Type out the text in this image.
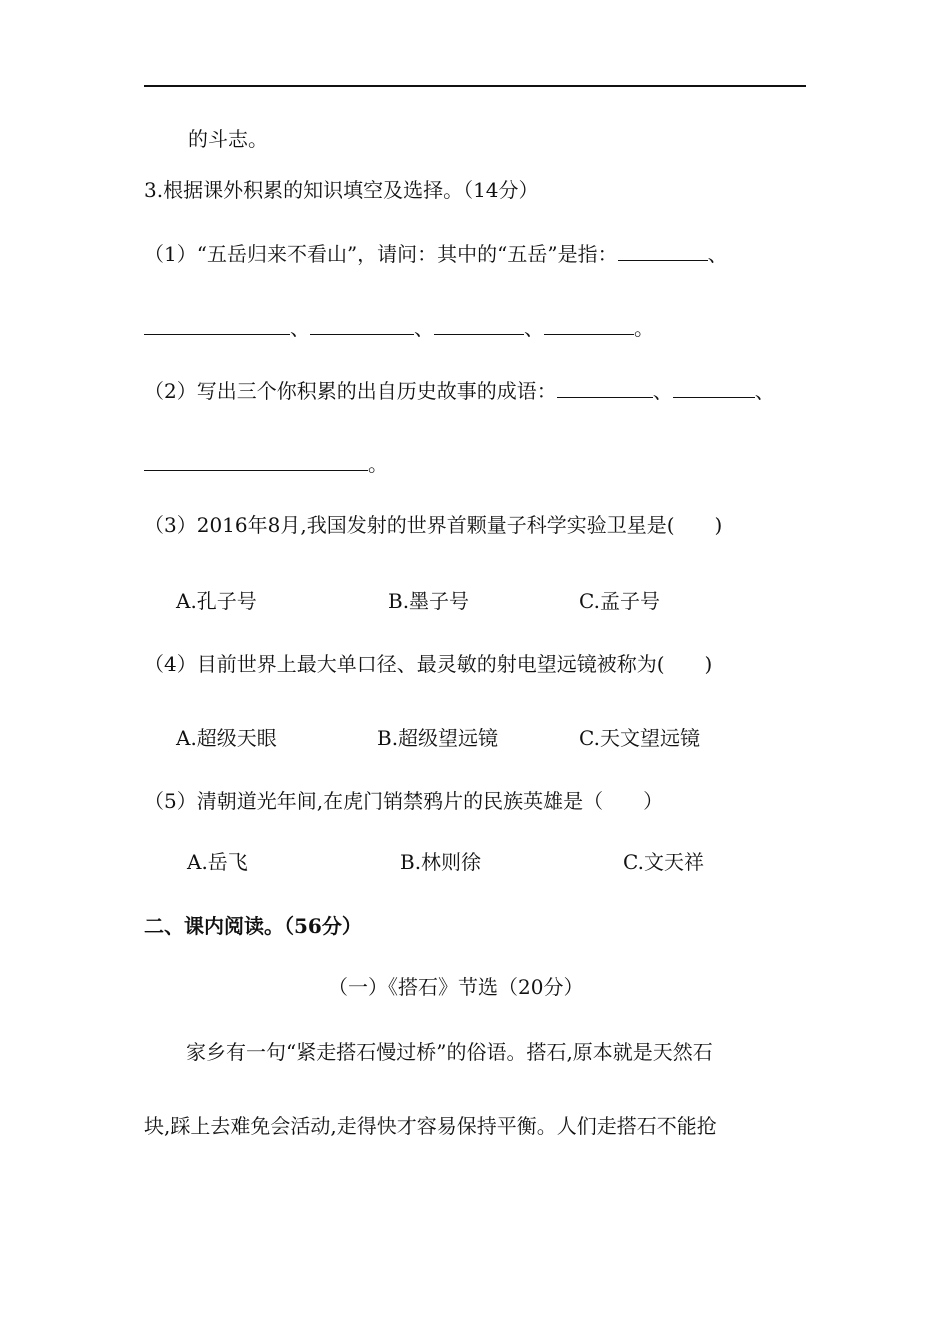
的斗志。
3.根据课外积累的知识填空及选择。（14分）
（1）“五岳归来不看山”，请问：其中的“五岳”是指：	、
、	、	、	。
（2）写出三个你积累的出自历史故事的成语：	、	、
。
（3）2016年8月,我国发射的世界首颗量子科学实验卫星是(　　)
A.孔子号	B.墨子号	C.孟子号
（4）目前世界上最大单口径、最灵敏的射电望远镜被称为(　　)
A.超级天眼	B.超级望远镜	C.天文望远镜
（5）清朝道光年间,在虎门销禁鸦片的民族英雄是（　　）
A.岳飞	B.林则徐	C.文天祥
二、课内阅读。（56分）
（一）《搭石》节选（20分）
家乡有一句“紧走搭石慢过桥”的俗语。搭石,原本就是天然石
块,踩上去难免会活动,走得快才容易保持平衡。人们走搭石不能抢
